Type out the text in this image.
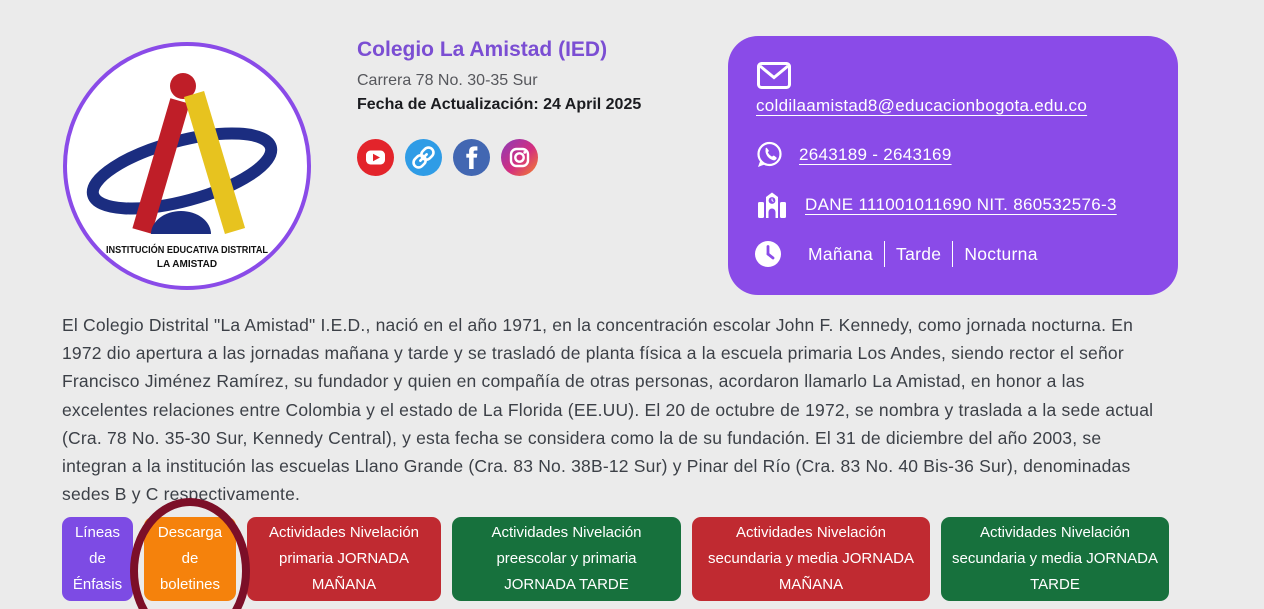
INSTITUCIÓN EDUCATIVA DISTRITAL
LA AMISTAD
Colegio La Amistad (IED)
Carrera 78 No. 30-35 Sur
Fecha de Actualización: 24 April 2025	coldilaamistad8@educacionbogota.edu.co
2643189 - 2643169
DANE 111001011690 NIT. 860532576-3
Mañana	Tarde	Nocturna

El Colegio Distrital "La Amistad" I.E.D., nació en el año 1971, en la concentración escolar John F. Kennedy, como jornada nocturna. En 1972 dio apertura a las jornadas mañana y tarde y se trasladó de planta física a la escuela primaria Los Andes, siendo rector el señor Francisco Jiménez Ramírez, su fundador y quien en compañía de otras personas, acordaron llamarlo La Amistad, en honor a las excelentes relaciones entre Colombia y el estado de La Florida (EE.UU). El 20 de octubre de 1972, se nombra y traslada a la sede actual (Cra. 78 No. 35-30 Sur, Kennedy Central), y esta fecha se considera como la de su fundación. El 31 de diciembre del año 2003, se integran a la institución las escuelas Llano Grande (Cra. 83 No. 38B-12 Sur) y Pinar del Río (Cra. 83 No. 40 Bis-36 Sur), denominadas sedes B y C respectivamente.

Líneas de Énfasis
Descarga de boletines
Actividades Nivelación primaria JORNADA MAÑANA
Actividades Nivelación preescolar y primaria JORNADA TARDE
Actividades Nivelación secundaria y media JORNADA MAÑANA
Actividades Nivelación secundaria y media JORNADA TARDE
